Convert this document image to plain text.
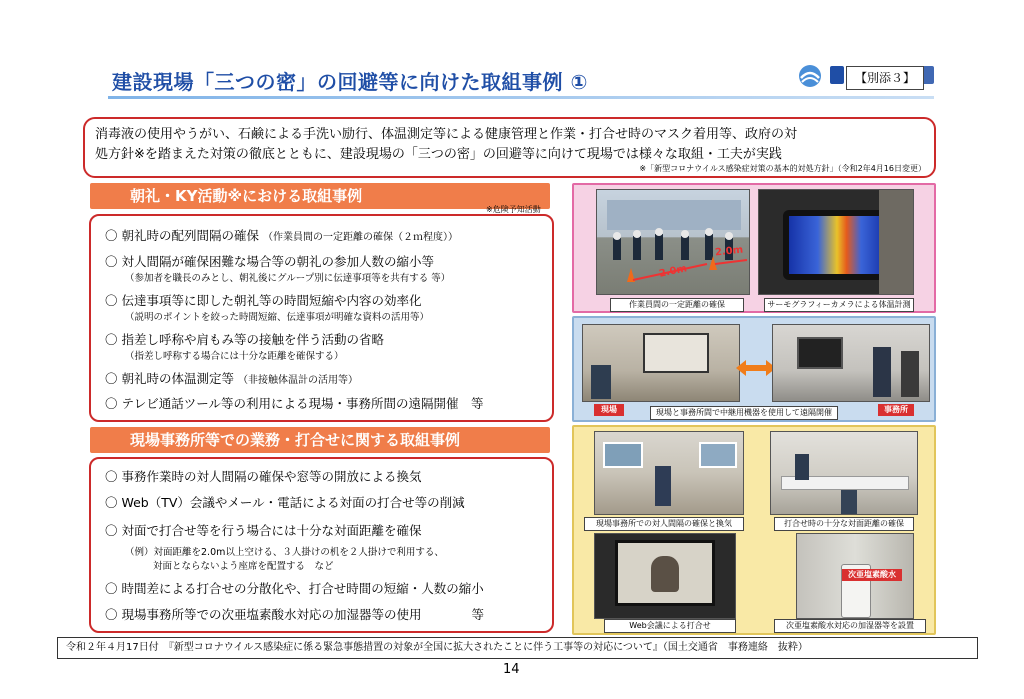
建設現場「三つの密」の回避等に向けた取組事例 ①	【別添３】
消毒液の使用やうがい、石鹸による手洗い励行、体温測定等による健康管理と作業・打合せ時のマスク着用等、政府の対
処方針※を踏まえた対策の徹底とともに、建設現場の「三つの密」の回避等に向けて現場では様々な取組・工夫が実践
※「新型コロナウイルス感染症対策の基本的対処方針」（令和2年4月16日変更）
朝礼・KY活動※における取組事例
※危険予知活動
〇 朝礼時の配列間隔の確保 （作業員間の一定距離の確保（２ｍ程度））
〇 対人間隔が確保困難な場合等の朝礼の参加人数の縮小等
（参加者を職長のみとし、朝礼後にグループ別に伝達事項等を共有する 等）
〇 伝達事項等に即した朝礼等の時間短縮や内容の効率化
（説明のポイントを絞った時間短縮、伝達事項が明確な資料の活用等）
〇 指差し呼称や肩もみ等の接触を伴う活動の省略
（指差し呼称する場合には十分な距離を確保する）
〇 朝礼時の体温測定等 （非接触体温計の活用等）
〇 テレビ通話ツール等の利用による現場・事務所間の遠隔開催　等
現場事務所等での業務・打合せに関する取組事例
〇 事務作業時の対人間隔の確保や窓等の開放による換気
〇 Web（TV）会議やメール・電話による対面の打合せ等の削減
〇 対面で打合せ等を行う場合には十分な対面距離を確保
（例）対面距離を2.0m以上空ける、３人掛けの机を２人掛けで利用する、
対面とならないよう座席を配置する　など
〇 時間差による打合せの分散化や、打合せ時間の短縮・人数の縮小
〇 現場事務所等での次亜塩素酸水対応の加湿器等の使用　　　　等
2.0m
2.0m
作業員間の一定距離の確保	サーモグラフィーカメラによる体温計測
現場	現場と事務所間で中継用機器を使用して遠隔開催	事務所
現場事務所での対人間隔の確保と換気	打合せ時の十分な対面距離の確保
次亜塩素酸水
Web会議による打合せ	次亜塩素酸水対応の加湿器等を設置
令和２年４月17日付　『新型コロナウイルス感染症に係る緊急事態措置の対象が全国に拡大されたことに伴う工事等の対応について』（国土交通省　事務連絡　抜粋）
14
